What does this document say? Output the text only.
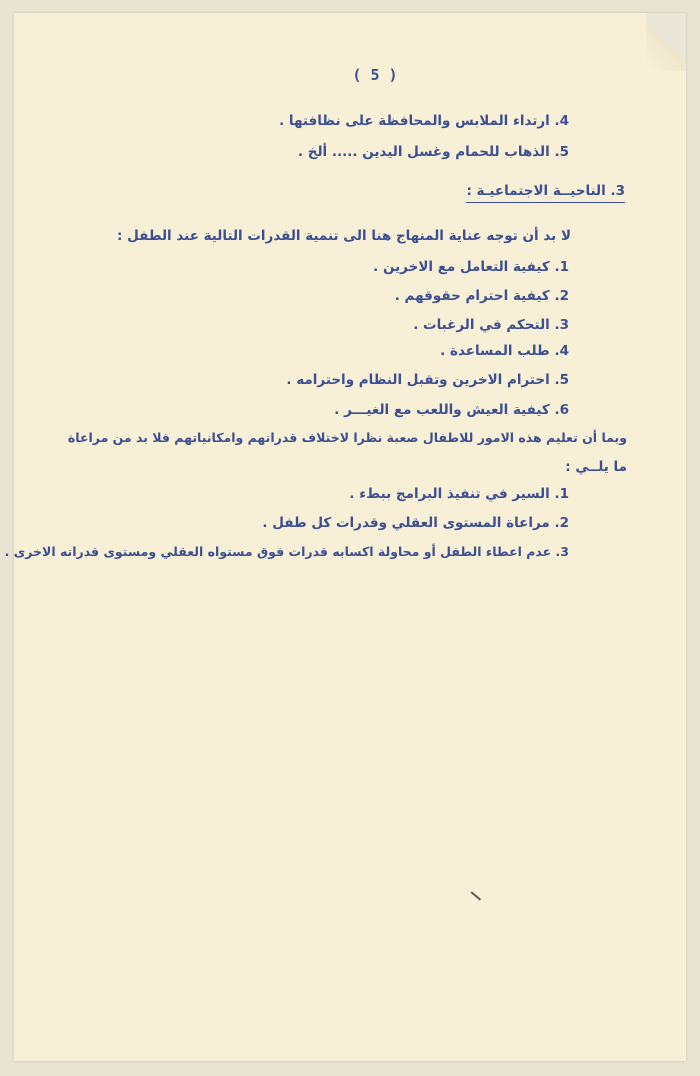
( 5 )
4. ارتداء الملابس والمحافظة على نظافتها .
5. الذهاب للحمام وغسل اليدين ..... ألخ .
3. الناحيــة الاجتماعيـة :
لا بد أن توجه عناية المنهاج هنا الى تنمية القدرات التالية عند الطفل :
1. كيفية التعامل مع الاخرين .
2. كيفية احترام حقوقهم .
3. التحكم في الرغبات .
4. طلب المساعدة .
5. احترام الاخرين وتقبل النظام واحترامه .
6. كيفية العيش واللعب مع الغيـــر .
وبما أن تعليم هذه الامور للاطفال صعبة نظرا لاختلاف قدراتهم وامكانياتهم فلا بد من مراعاة
ما يلــي :
1. السير في تنفيذ البرامج ببطء .
2. مراعاة المستوى العقلي وقدرات كل طفل .
3. عدم اعطاء الطفل أو محاولة اكسابه قدرات فوق مستواه العقلي ومستوى قدراته الاخرى .
